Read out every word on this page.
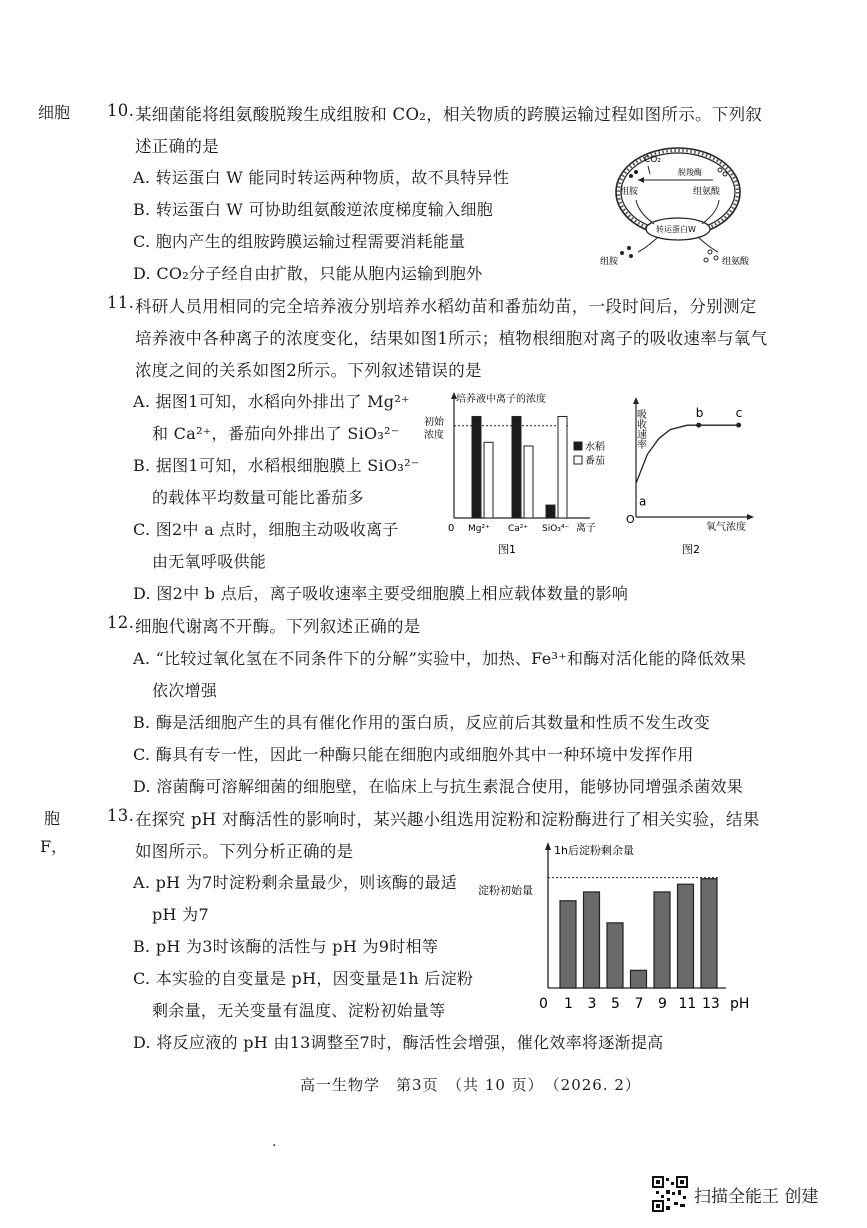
细胞
胞
F，
10. 某细菌能将组氨酸脱羧生成组胺和 CO₂，相关物质的跨膜运输过程如图所示。下列叙
述正确的是
A. 转运蛋白 W 能同时转运两种物质，故不具特异性
B. 转运蛋白 W 可协助组氨酸逆浓度梯度输入细胞
C. 胞内产生的组胺跨膜运输过程需要消耗能量
D. CO₂分子经自由扩散，只能从胞内运输到胞外
CO₂
脱羧酶
组胺	组氨酸
转运蛋白W
组胺	组氨酸
11. 科研人员用相同的完全培养液分别培养水稻幼苗和番茄幼苗，一段时间后，分别测定
培养液中各种离子的浓度变化，结果如图1所示；植物根细胞对离子的吸收速率与氧气
浓度之间的关系如图2所示。下列叙述错误的是
A. 据图1可知，水稻向外排出了 Mg²⁺
和 Ca²⁺，番茄向外排出了 SiO₃²⁻
B. 据图1可知，水稻根细胞膜上 SiO₃²⁻
的载体平均数量可能比番茄多
C. 图2中 a 点时，细胞主动吸收离子
由无氧呼吸供能
D. 图2中 b 点后，离子吸收速率主要受细胞膜上相应载体数量的影响
培养液中离子的浓度
初始
浓度
Mg²⁺ Ca²⁺ SiO₃⁴⁻
0	离子
水稻
番茄
图1
吸收速率
a
b	c
O
氧气浓度
图2
12. 细胞代谢离不开酶。下列叙述正确的是
A. “比较过氧化氢在不同条件下的分解”实验中，加热、Fe³⁺和酶对活化能的降低效果
依次增强
B. 酶是活细胞产生的具有催化作用的蛋白质，反应前后其数量和性质不发生改变
C. 酶具有专一性，因此一种酶只能在细胞内或细胞外其中一种环境中发挥作用
D. 溶菌酶可溶解细菌的细胞壁，在临床上与抗生素混合使用，能够协同增强杀菌效果
13. 在探究 pH 对酶活性的影响时，某兴趣小组选用淀粉和淀粉酶进行了相关实验，结果
如图所示。下列分析正确的是
A. pH 为7时淀粉剩余量最少，则该酶的最适
pH 为7
B. pH 为3时该酶的活性与 pH 为9时相等
C. 本实验的自变量是 pH，因变量是1h 后淀粉
剩余量，无关变量有温度、淀粉初始量等
D. 将反应液的 pH 由13调整至7时，酶活性会增强，催化效率将逐渐提高
1h后淀粉剩余量
淀粉初始量
1 3 5 7 9 11 13
0	pH
高一生物学　第3页　（共 10 页）　（2026. 2）
·
扫描全能王 创建
